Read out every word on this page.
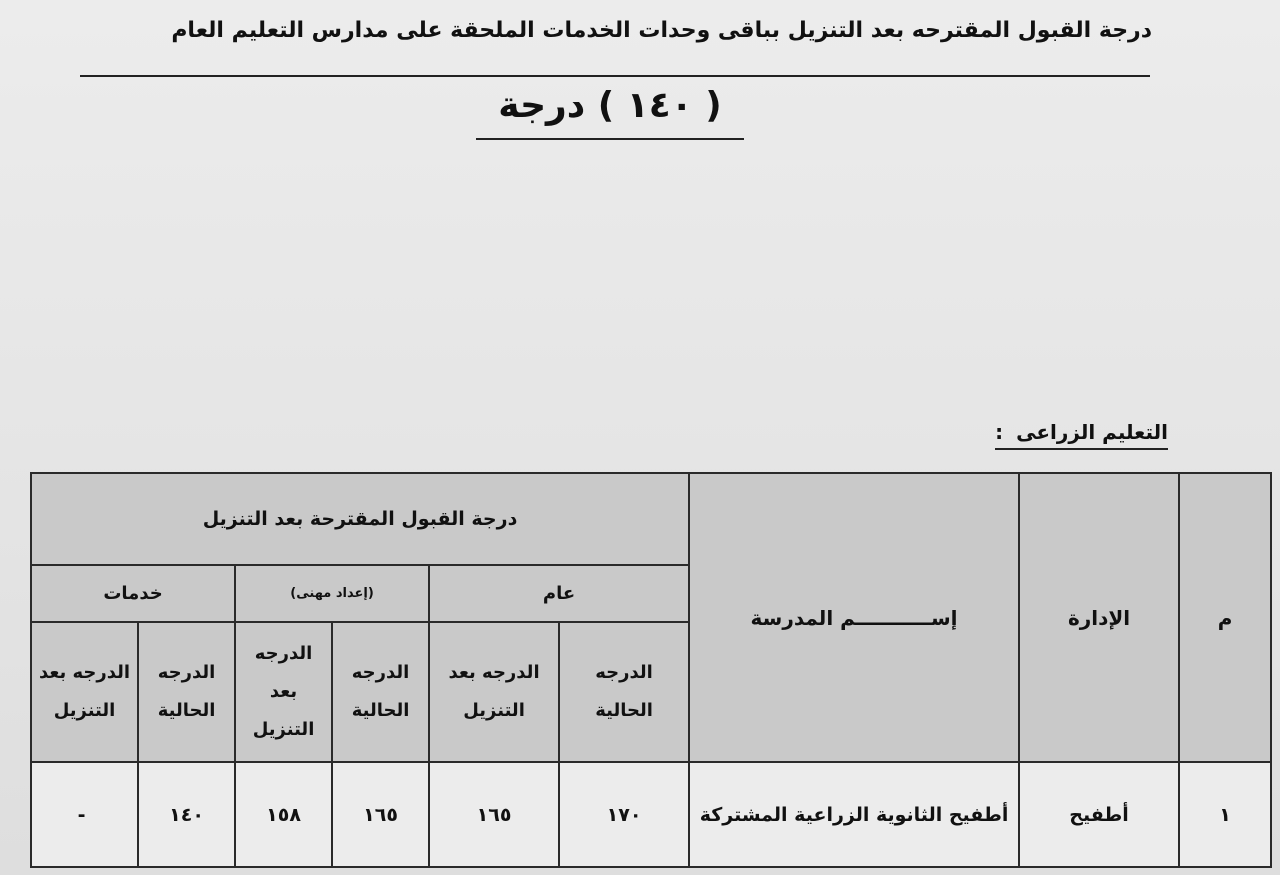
درجة القبول المقترحه بعد التنزيل بباقى وحدات الخدمات الملحقة على مدارس التعليم العام
( ١٤٠ ) درجة
التعليم الزراعى :
م	الإدارة	إســـــــــــم المدرسة	درجة القبول المقترحة بعد التنزيل					
			عام		(إعداد مهنى)		خدمات	
			الدرجه الحالية	الدرجه بعد التنزيل	الدرجه الحالية	الدرجه بعد التنزيل	الدرجه الحالية	الدرجه بعد التنزيل
١	أطفيح	أطفيح الثانوية الزراعية المشتركة	١٧٠	١٦٥	١٦٥	١٥٨	١٤٠	-
